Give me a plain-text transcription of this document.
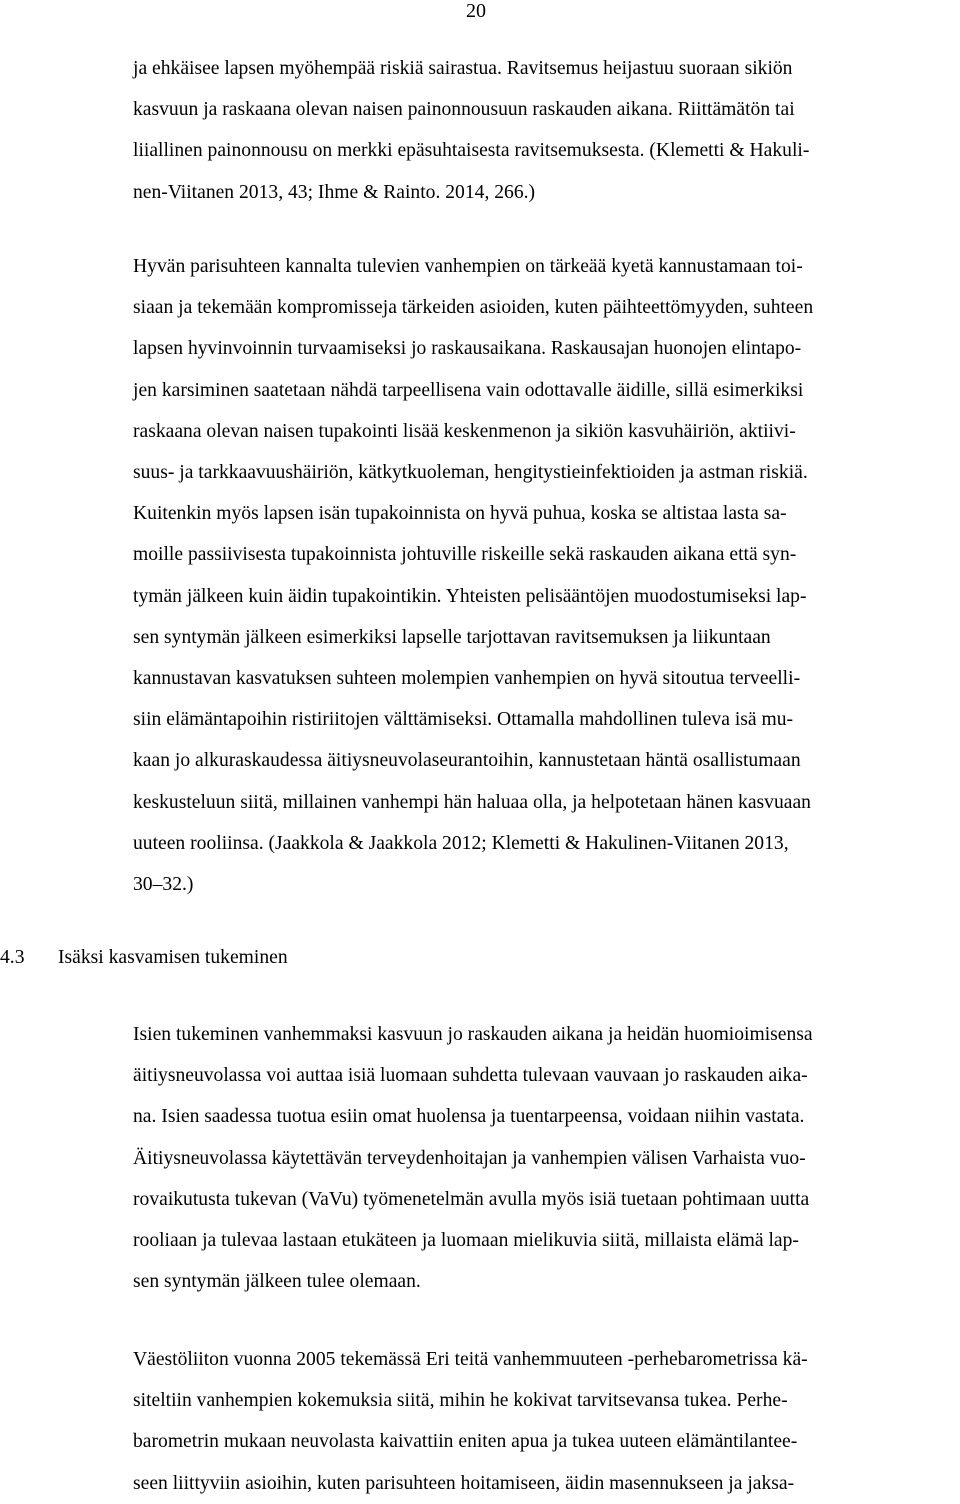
20
ja ehkäisee lapsen myöhempää riskiä sairastua. Ravitsemus heijastuu suoraan sikiön
kasvuun ja raskaana olevan naisen painonnousuun raskauden aikana. Riittämätön tai
liiallinen painonnousu on merkki epäsuhtaisesta ravitsemuksesta. (Klemetti & Hakuli-
nen-Viitanen 2013, 43; Ihme & Rainto. 2014, 266.)
Hyvän parisuhteen kannalta tulevien vanhempien on tärkeää kyetä kannustamaan toi-
siaan ja tekemään kompromisseja tärkeiden asioiden, kuten päihteettömyyden, suhteen
lapsen hyvinvoinnin turvaamiseksi jo raskausaikana. Raskausajan huonojen elintapo-
jen karsiminen saatetaan nähdä tarpeellisena vain odottavalle äidille, sillä esimerkiksi
raskaana olevan naisen tupakointi lisää keskenmenon ja sikiön kasvuhäiriön, aktiivi-
suus- ja tarkkaavuushäiriön, kätkytkuoleman, hengitystieinfektioiden ja astman riskiä.
Kuitenkin myös lapsen isän tupakoinnista on hyvä puhua, koska se altistaa lasta sa-
moille passiivisesta tupakoinnista johtuville riskeille sekä raskauden aikana että syn-
tymän jälkeen kuin äidin tupakointikin. Yhteisten pelisääntöjen muodostumiseksi lap-
sen syntymän jälkeen esimerkiksi lapselle tarjottavan ravitsemuksen ja liikuntaan
kannustavan kasvatuksen suhteen molempien vanhempien on hyvä sitoutua terveelli-
siin elämäntapoihin ristiriitojen välttämiseksi. Ottamalla mahdollinen tuleva isä mu-
kaan jo alkuraskaudessa äitiysneuvolaseurantoihin, kannustetaan häntä osallistumaan
keskusteluun siitä, millainen vanhempi hän haluaa olla, ja helpotetaan hänen kasvuaan
uuteen rooliinsa. (Jaakkola & Jaakkola 2012; Klemetti & Hakulinen-Viitanen 2013,
30–32.)
4.3 Isäksi kasvamisen tukeminen
Isien tukeminen vanhemmaksi kasvuun jo raskauden aikana ja heidän huomioimisensa
äitiysneuvolassa voi auttaa isiä luomaan suhdetta tulevaan vauvaan jo raskauden aika-
na. Isien saadessa tuotua esiin omat huolensa ja tuentarpeensa, voidaan niihin vastata.
Äitiysneuvolassa käytettävän terveydenhoitajan ja vanhempien välisen Varhaista vuo-
rovaikutusta tukevan (VaVu) työmenetelmän avulla myös isiä tuetaan pohtimaan uutta
rooliaan ja tulevaa lastaan etukäteen ja luomaan mielikuvia siitä, millaista elämä lap-
sen syntymän jälkeen tulee olemaan.
Väestöliiton vuonna 2005 tekemässä Eri teitä vanhemmuuteen -perhebarometrissa kä-
siteltiin vanhempien kokemuksia siitä, mihin he kokivat tarvitsevansa tukea. Perhe-
barometrin mukaan neuvolasta kaivattiin eniten apua ja tukea uuteen elämäntilantee-
seen liittyviin asioihin, kuten parisuhteen hoitamiseen, äidin masennukseen ja jaksa-
